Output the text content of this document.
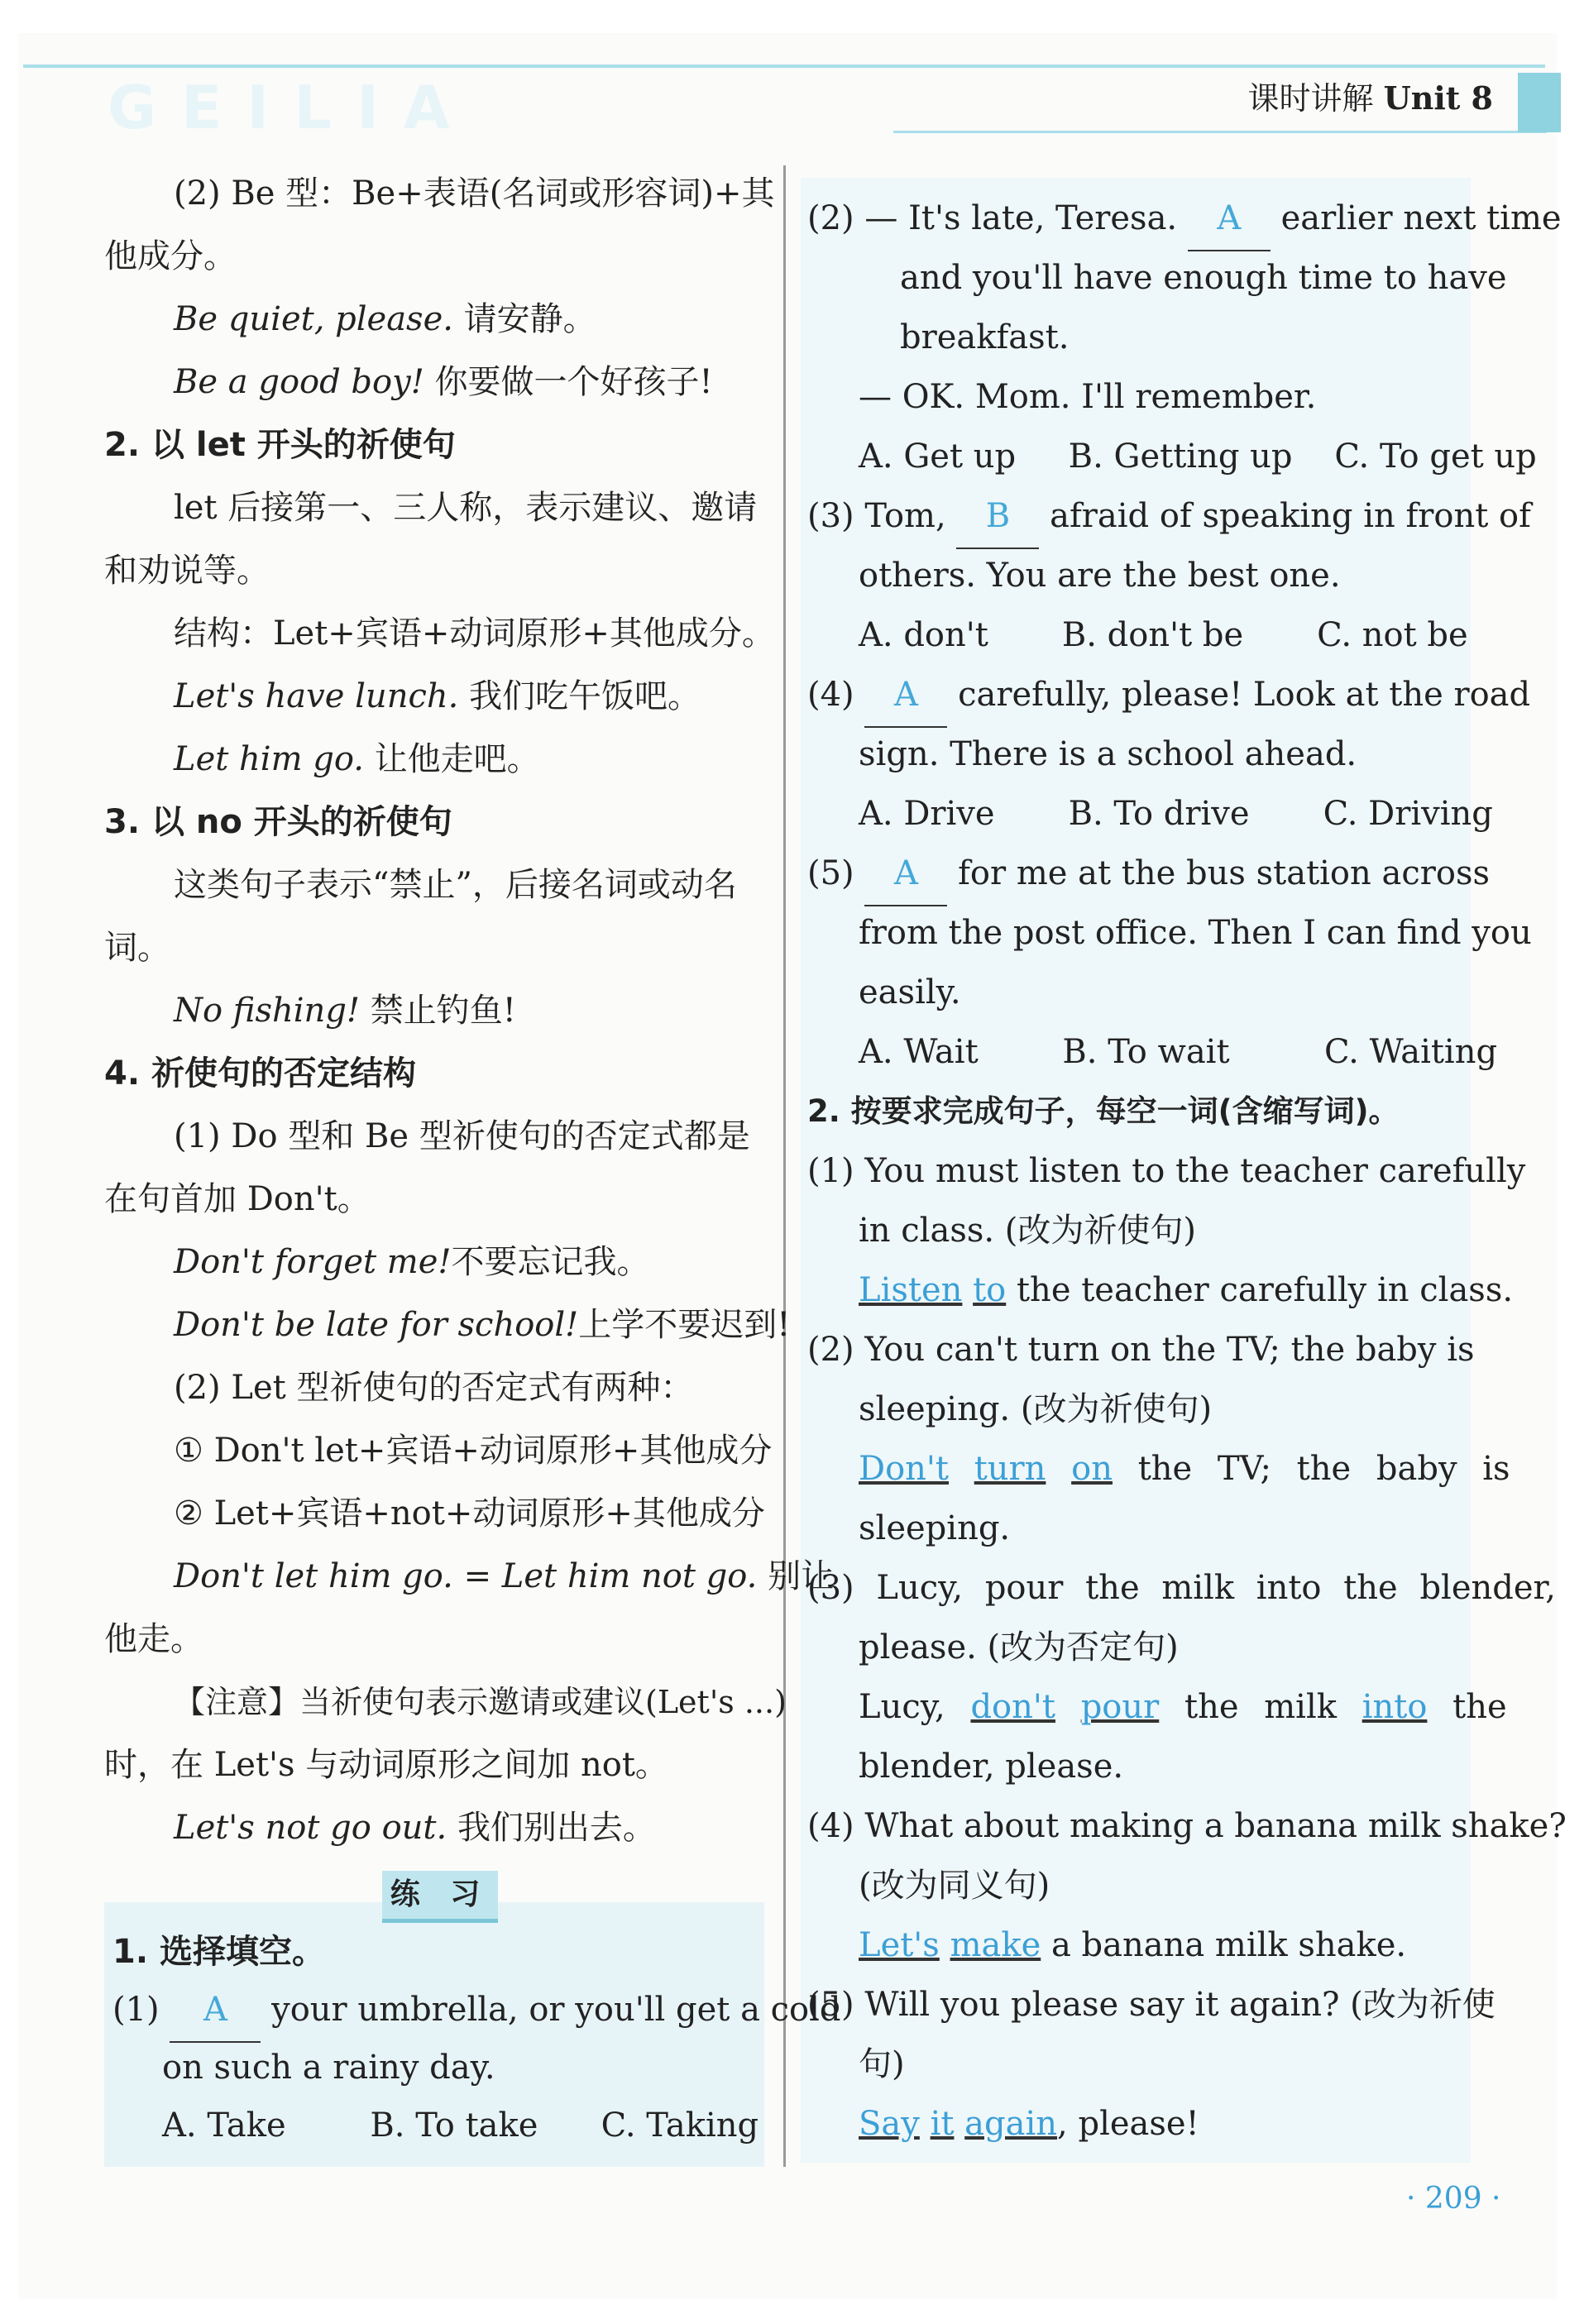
GEILIA	课时讲解 Unit 8
(2) Be 型：Be+表语(名词或形容词)+其
他成分。
Be quiet, please. 请安静。
Be a good boy! 你要做一个好孩子!
2. 以 let 开头的祈使句
let 后接第一、三人称，表示建议、邀请
和劝说等。
结构：Let+宾语+动词原形+其他成分。
Let's have lunch. 我们吃午饭吧。
Let him go. 让他走吧。
3. 以 no 开头的祈使句
这类句子表示“禁止”，后接名词或动名
词。
No fishing! 禁止钓鱼!
4. 祈使句的否定结构
(1) Do 型和 Be 型祈使句的否定式都是
在句首加 Don't。
Don't forget me!不要忘记我。
Don't be late for school!上学不要迟到!
(2) Let 型祈使句的否定式有两种：
① Don't let+宾语+动词原形+其他成分
② Let+宾语+not+动词原形+其他成分
Don't let him go. = Let him not go. 别让
他走。
【注意】当祈使句表示邀请或建议(Let's ...)
时，在 Let's 与动词原形之间加 not。
Let's not go out. 我们别出去。
练 习
1. 选择填空。
(1) A your umbrella, or you'll get a cold
on such a rainy day.
A. Take        B. To take      C. Taking
(2) — It's late, Teresa. A earlier next time
and you'll have enough time to have
breakfast.
— OK. Mom. I'll remember.
A. Get up     B. Getting up    C. To get up
(3) Tom, B afraid of speaking in front of
others. You are the best one.
A. don't       B. don't be       C. not be
(4) A carefully, please! Look at the road
sign. There is a school ahead.
A. Drive       B. To drive       C. Driving
(5) A for me at the bus station across
from the post office. Then I can find you
easily.
A. Wait        B. To wait         C. Waiting
2. 按要求完成句子，每空一词(含缩写词)。
(1) You must listen to the teacher carefully
in class. (改为祈使句)
Listen to the teacher carefully in class.
(2) You can't turn on the TV; the baby is
sleeping. (改为祈使句)
Don't turn on the TV; the baby is
sleeping.
(3) Lucy, pour the milk into the blender,
please. (改为否定句)
Lucy, don't pour the milk into the
blender, please.
(4) What about making a banana milk shake?
(改为同义句)
Let's make a banana milk shake.
(5) Will you please say it again? (改为祈使
句)
Say it again, please!
· 209 ·
